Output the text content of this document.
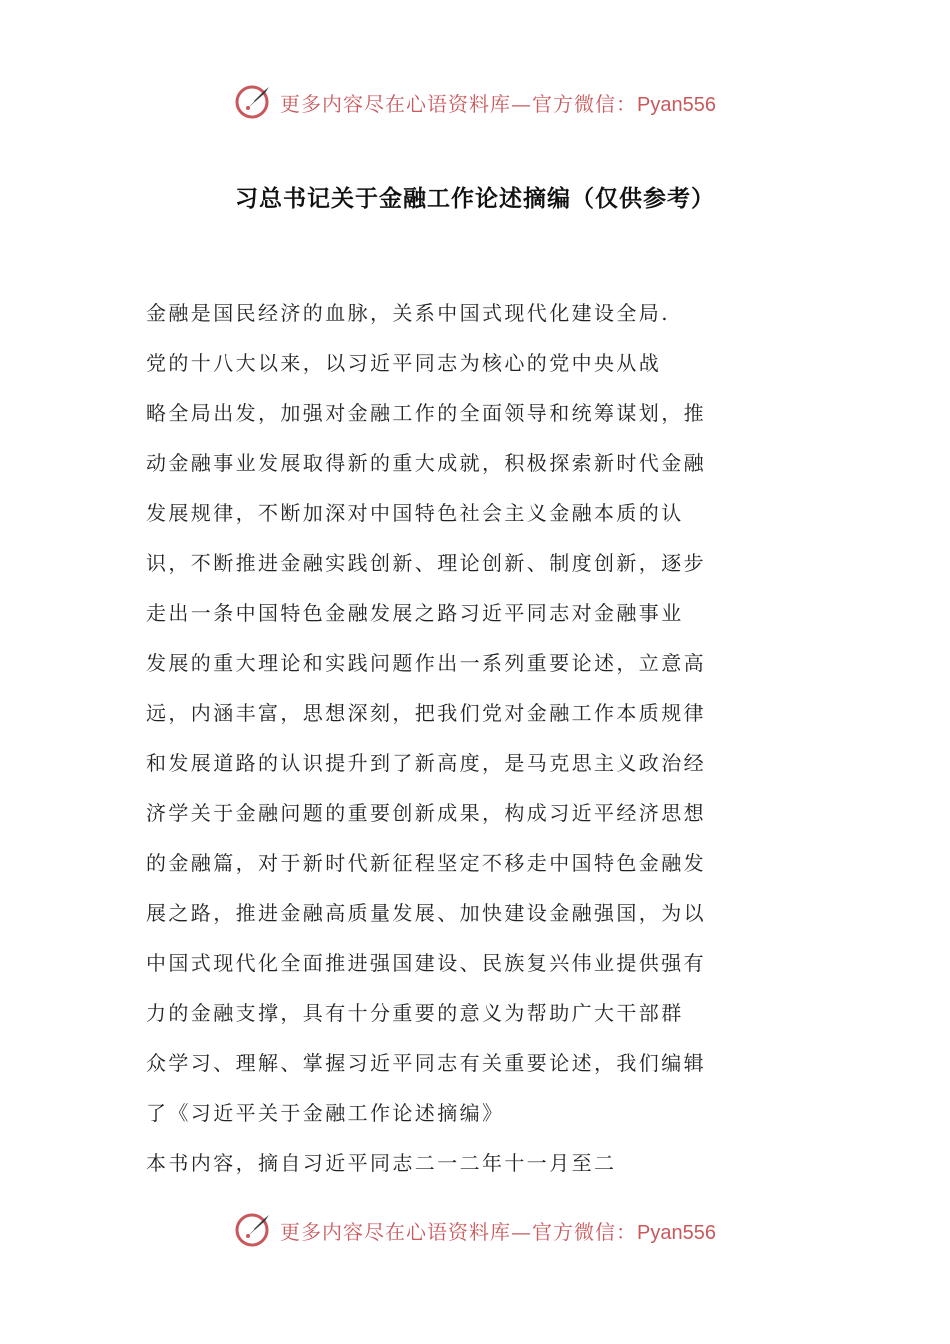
更多内容尽在心语资料库—官方微信：Pyan556
习总书记关于金融工作论述摘编（仅供参考）
金融是国民经济的血脉，关系中国式现代化建设全局.
党的十八大以来，以习近平同志为核心的党中央从战
略全局出发，加强对金融工作的全面领导和统筹谋划，推
动金融事业发展取得新的重大成就，积极探索新时代金融
发展规律，不断加深对中国特色社会主义金融本质的认
识，不断推进金融实践创新、理论创新、制度创新，逐步
走出一条中国特色金融发展之路习近平同志对金融事业
发展的重大理论和实践问题作出一系列重要论述，立意高
远，内涵丰富，思想深刻，把我们党对金融工作本质规律
和发展道路的认识提升到了新高度，是马克思主义政治经
济学关于金融问题的重要创新成果，构成习近平经济思想
的金融篇，对于新时代新征程坚定不移走中国特色金融发
展之路，推进金融高质量发展、加快建设金融强国，为以
中国式现代化全面推进强国建设、民族复兴伟业提供强有
力的金融支撑，具有十分重要的意义为帮助广大干部群
众学习、理解、掌握习近平同志有关重要论述，我们编辑
了《习近平关于金融工作论述摘编》
本书内容，摘自习近平同志二一二年十一月至二
更多内容尽在心语资料库—官方微信：Pyan556
